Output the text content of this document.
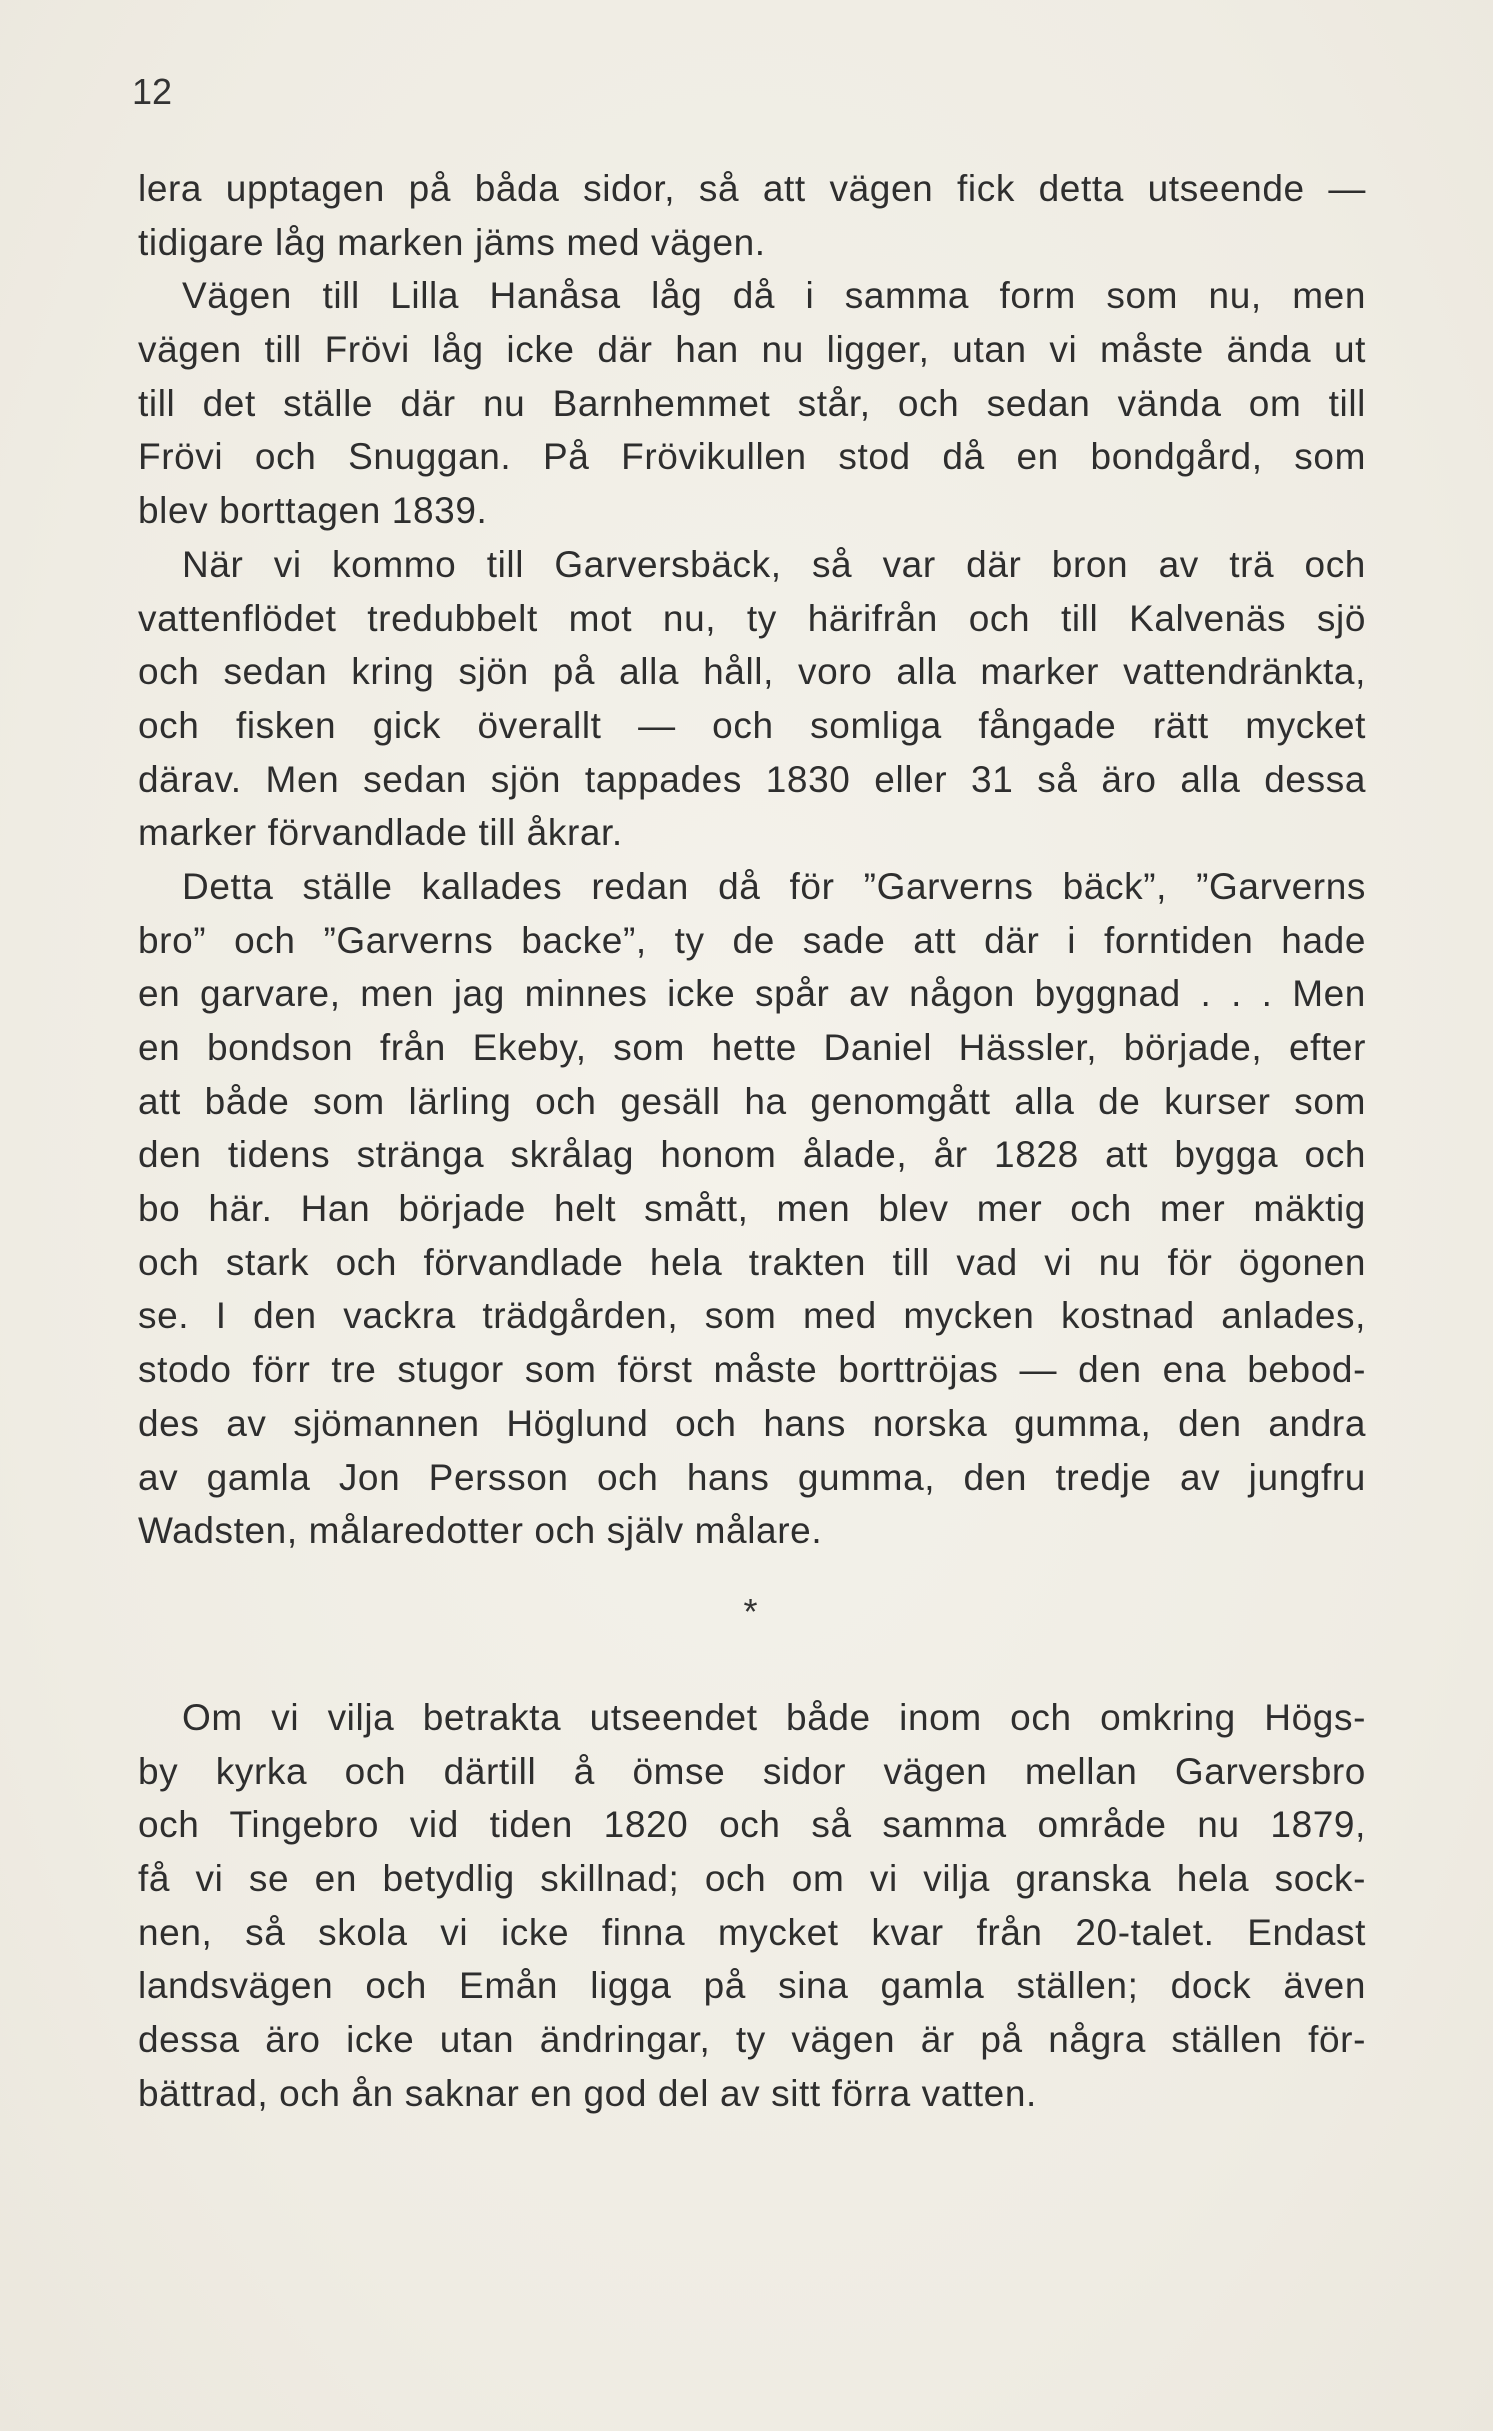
12
lera upptagen på båda sidor, så att vägen fick detta utseende —
tidigare låg marken jäms med vägen.
Vägen till Lilla Hanåsa låg då i samma form som nu, men
vägen till Frövi låg icke där han nu ligger, utan vi måste ända ut
till det ställe där nu Barnhemmet står, och sedan vända om till
Frövi och Snuggan. På Frövikullen stod då en bondgård, som
blev borttagen 1839.
När vi kommo till Garversbäck, så var där bron av trä och
vattenflödet tredubbelt mot nu, ty härifrån och till Kalvenäs sjö
och sedan kring sjön på alla håll, voro alla marker vattendränkta,
och fisken gick överallt — och somliga fångade rätt mycket
därav. Men sedan sjön tappades 1830 eller 31 så äro alla dessa
marker förvandlade till åkrar.
Detta ställe kallades redan då för ”Garverns bäck”, ”Garverns
bro” och ”Garverns backe”, ty de sade att där i forntiden hade
en garvare, men jag minnes icke spår av någon byggnad . . . Men
en bondson från Ekeby, som hette Daniel Hässler, började, efter
att både som lärling och gesäll ha genomgått alla de kurser som
den tidens stränga skrålag honom ålade, år 1828 att bygga och
bo här. Han började helt smått, men blev mer och mer mäktig
och stark och förvandlade hela trakten till vad vi nu för ögonen
se. I den vackra trädgården, som med mycken kostnad anlades,
stodo förr tre stugor som först måste borttröjas — den ena bebod-
des av sjömannen Höglund och hans norska gumma, den andra
av gamla Jon Persson och hans gumma, den tredje av jungfru
Wadsten, målaredotter och själv målare.
*
Om vi vilja betrakta utseendet både inom och omkring Högs-
by kyrka och därtill å ömse sidor vägen mellan Garversbro
och Tingebro vid tiden 1820 och så samma område nu 1879,
få vi se en betydlig skillnad; och om vi vilja granska hela sock-
nen, så skola vi icke finna mycket kvar från 20-talet. Endast
landsvägen och Emån ligga på sina gamla ställen; dock även
dessa äro icke utan ändringar, ty vägen är på några ställen för-
bättrad, och ån saknar en god del av sitt förra vatten.
